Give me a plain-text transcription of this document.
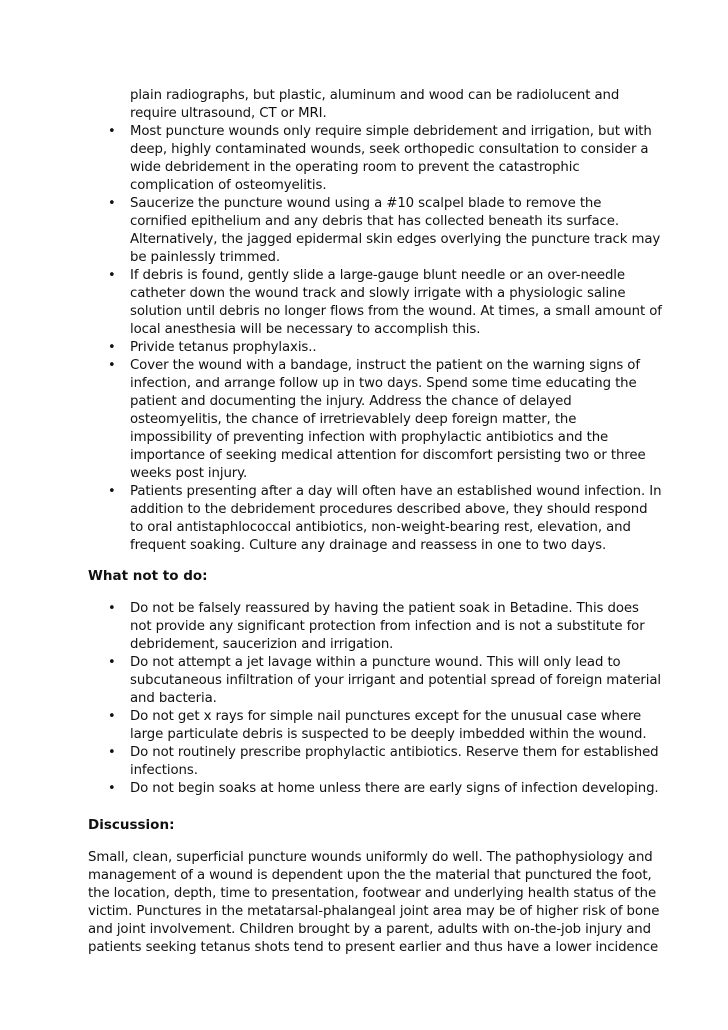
plain radiographs, but plastic, aluminum and wood can be radiolucent and require ultrasound, CT or MRI.
• Most puncture wounds only require simple debridement and irrigation, but with deep, highly contaminated wounds, seek orthopedic consultation to consider a wide debridement in the operating room to prevent the catastrophic complication of osteomyelitis.
• Saucerize the puncture wound using a #10 scalpel blade to remove the cornified epithelium and any debris that has collected beneath its surface. Alternatively, the jagged epidermal skin edges overlying the puncture track may be painlessly trimmed.
• If debris is found, gently slide a large-gauge blunt needle or an over-needle catheter down the wound track and slowly irrigate with a physiologic saline solution until debris no longer flows from the wound. At times, a small amount of local anesthesia will be necessary to accomplish this.
• Privide tetanus prophylaxis..
• Cover the wound with a bandage, instruct the patient on the warning signs of infection, and arrange follow up in two days. Spend some time educating the patient and documenting the injury. Address the chance of delayed osteomyelitis, the chance of irretrievablely deep foreign matter, the impossibility of preventing infection with prophylactic antibiotics and the importance of seeking medical attention for discomfort persisting two or three weeks post injury.
• Patients presenting after a day will often have an established wound infection. In addition to the debridement procedures described above, they should respond to oral antistaphlococcal antibiotics, non-weight-bearing rest, elevation, and frequent soaking. Culture any drainage and reassess in one to two days.
What not to do:
• Do not be falsely reassured by having the patient soak in Betadine. This does not provide any significant protection from infection and is not a substitute for debridement, saucerizion and irrigation.
• Do not attempt a jet lavage within a puncture wound. This will only lead to subcutaneous infiltration of your irrigant and potential spread of foreign material and bacteria.
• Do not get x rays for simple nail punctures except for the unusual case where large particulate debris is suspected to be deeply imbedded within the wound.
• Do not routinely prescribe prophylactic antibiotics. Reserve them for established infections.
• Do not begin soaks at home unless there are early signs of infection developing.
Discussion:

Small, clean, superficial puncture wounds uniformly do well. The pathophysiology and management of a wound is dependent upon the the material that punctured the foot, the location, depth, time to presentation, footwear and underlying health status of the victim. Punctures in the metatarsal-phalangeal joint area may be of higher risk of bone and joint involvement. Children brought by a parent, adults with on-the-job injury and patients seeking tetanus shots tend to present earlier and thus have a lower incidence
